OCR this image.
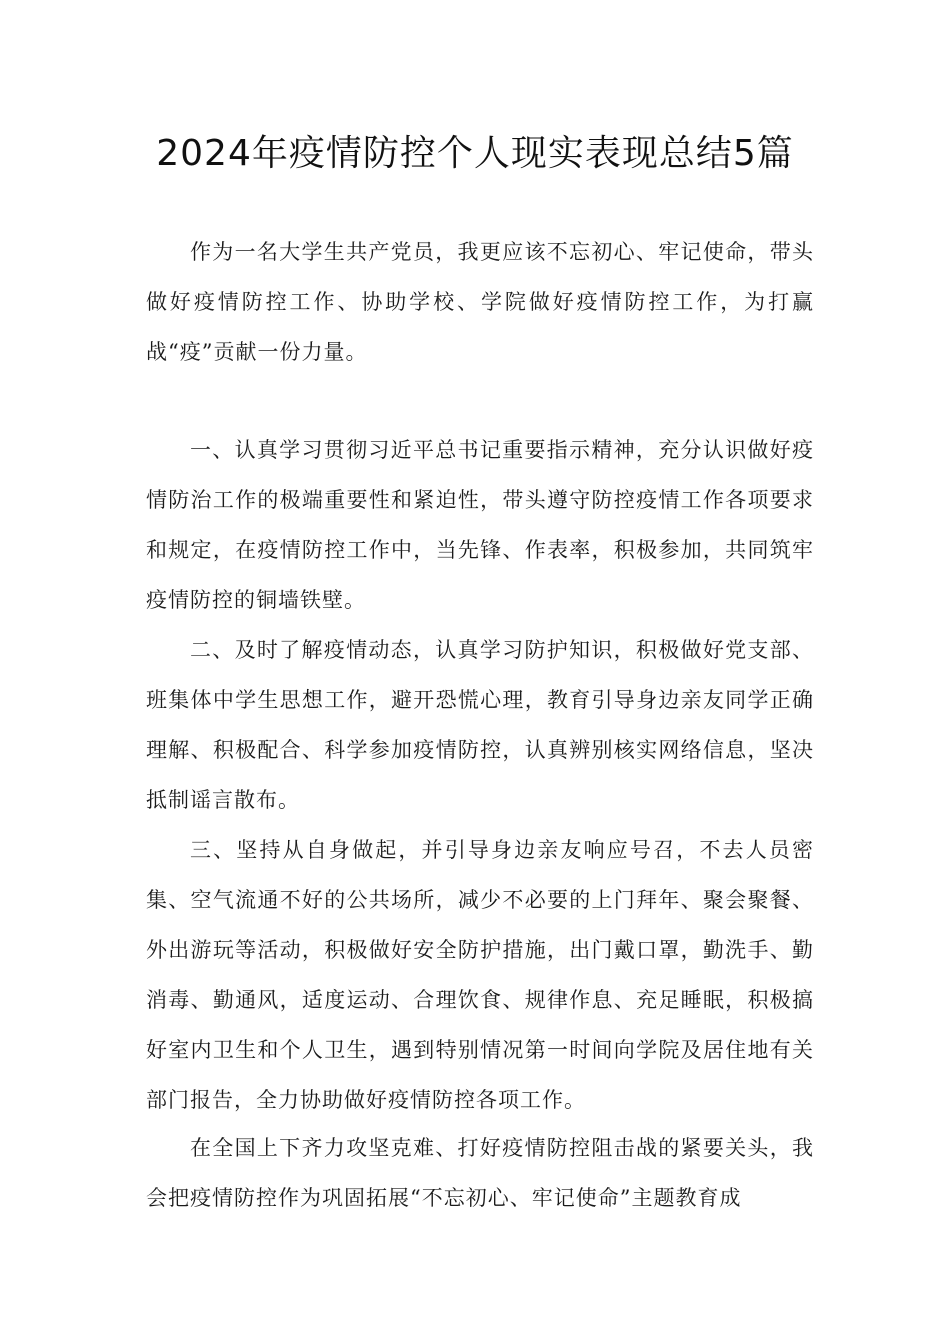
2024年疫情防控个人现实表现总结5篇

作为一名大学生共产党员，我更应该不忘初心、牢记使命，带头做好疫情防控工作、协助学校、学院做好疫情防控工作，为打赢战“疫”贡献一份力量。

一、认真学习贯彻习近平总书记重要指示精神，充分认识做好疫情防治工作的极端重要性和紧迫性，带头遵守防控疫情工作各项要求和规定，在疫情防控工作中，当先锋、作表率，积极参加，共同筑牢疫情防控的铜墙铁壁。

二、及时了解疫情动态，认真学习防护知识，积极做好党支部、班集体中学生思想工作，避开恐慌心理，教育引导身边亲友同学正确理解、积极配合、科学参加疫情防控，认真辨别核实网络信息，坚决抵制谣言散布。

三、坚持从自身做起，并引导身边亲友响应号召，不去人员密集、空气流通不好的公共场所，减少不必要的上门拜年、聚会聚餐、外出游玩等活动，积极做好安全防护措施，出门戴口罩，勤洗手、勤消毒、勤通风，适度运动、合理饮食、规律作息、充足睡眠，积极搞好室内卫生和个人卫生，遇到特别情况第一时间向学院及居住地有关部门报告，全力协助做好疫情防控各项工作。

在全国上下齐力攻坚克难、打好疫情防控阻击战的紧要关头，我会把疫情防控作为巩固拓展“不忘初心、牢记使命”主题教育成
